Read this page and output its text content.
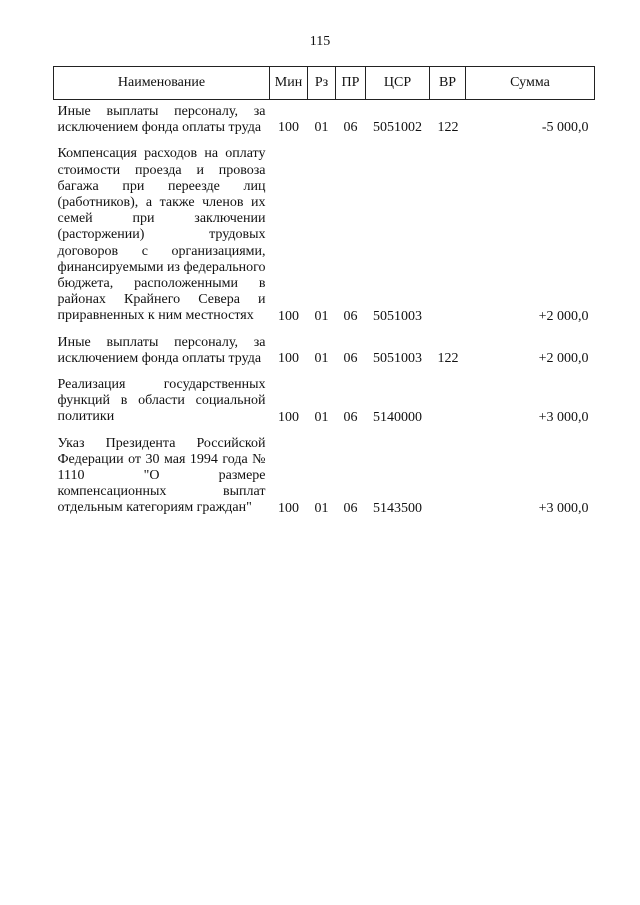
115
Наименование	Мин	Рз	ПР	ЦСР	ВР	Сумма
Иные выплаты персоналу, за исключением фонда оплаты труда	100	01	06	5051002	122	-5 000,0
Компенсация расходов на оплату стоимости проезда и провоза багажа при переезде лиц (работников), а также членов их семей при заключении (расторжении) трудовых договоров с организациями, финансируемыми из федерального бюджета, расположенными в районах Крайнего Севера и приравненных к ним местностях	100	01	06	5051003		+2 000,0
Иные выплаты персоналу, за исключением фонда оплаты труда	100	01	06	5051003	122	+2 000,0
Реализация государственных функций в области социальной политики	100	01	06	5140000		+3 000,0
Указ Президента Российской Федерации от 30 мая 1994 года № 1110 "О размере компенсационных выплат отдельным категориям граждан"	100	01	06	5143500		+3 000,0
